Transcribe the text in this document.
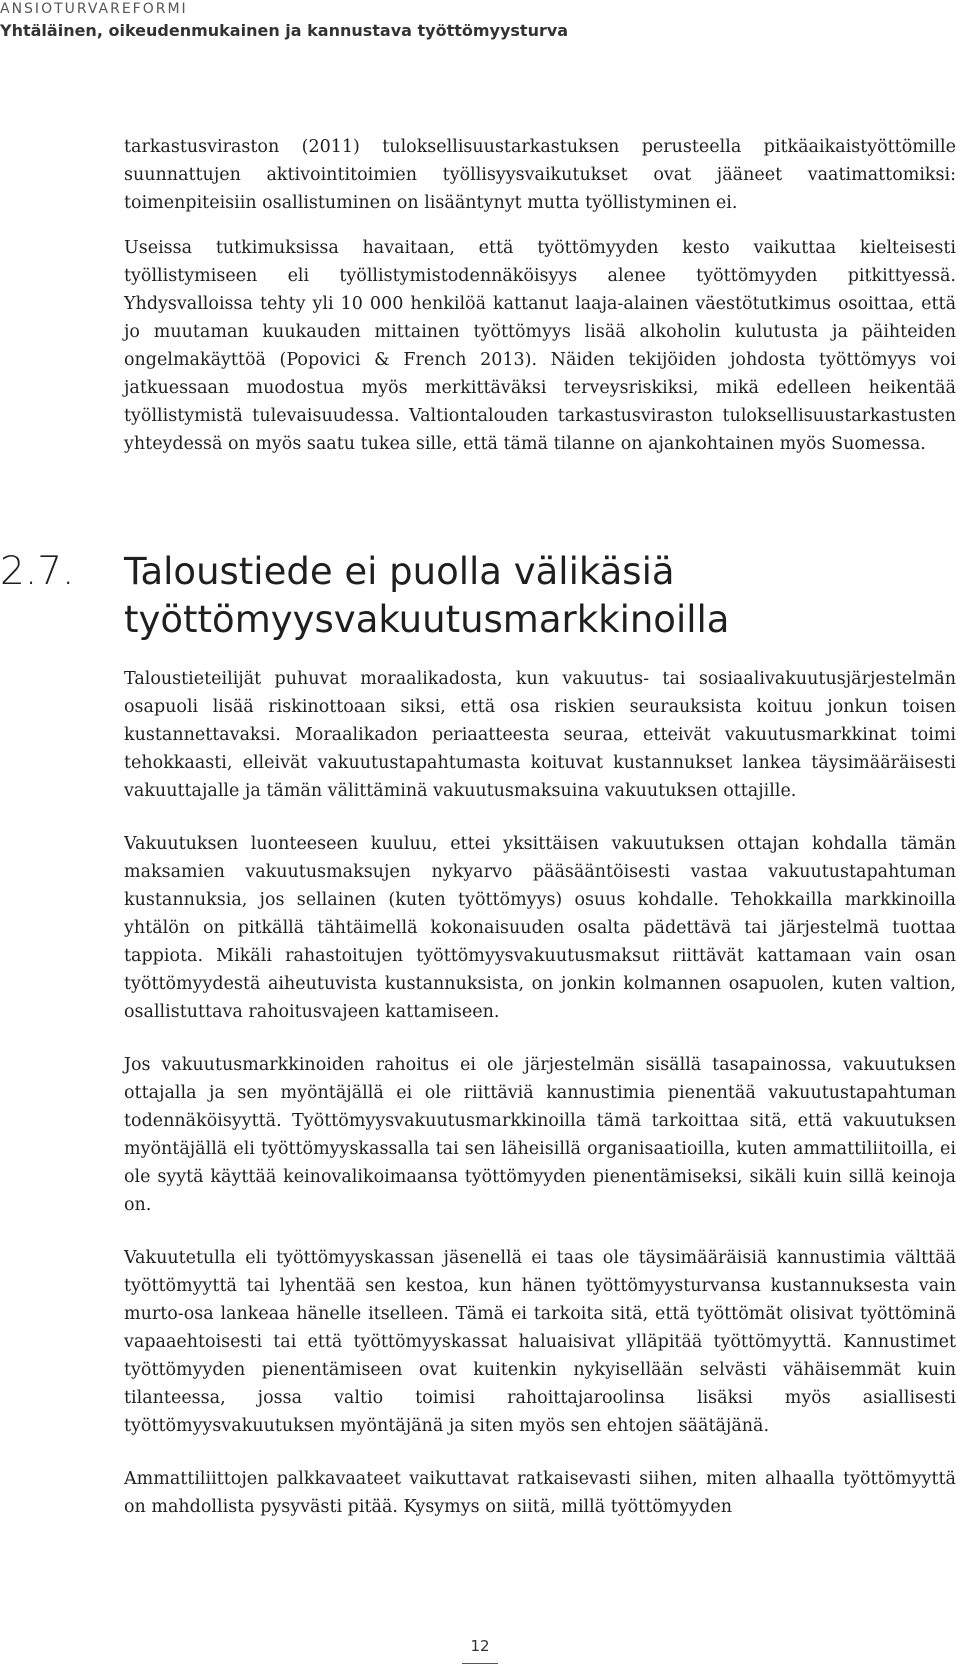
ANSIOTURVAREFORMI
Yhtäläinen, oikeudenmukainen ja kannustava työttömyysturva

tarkastusviraston (2011) tuloksellisuustarkastuksen perusteella pitkäaikaistyöttömille suunnattujen aktivointitoimien työllisyysvaikutukset ovat jääneet vaatimattomiksi: toimenpiteisiin osallistuminen on lisääntynyt mutta työllistyminen ei.

Useissa tutkimuksissa havaitaan, että työttömyyden kesto vaikuttaa kielteisesti työllistymiseen eli työllistymistodennäköisyys alenee työttömyyden pitkittyessä. Yhdysvalloissa tehty yli 10 000 henkilöä kattanut laaja-alainen väestötutkimus osoittaa, että jo muutaman kuukauden mittainen työttömyys lisää alkoholin kulutusta ja päihteiden ongelmakäyttöä (Popovici & French 2013). Näiden tekijöiden johdosta työttömyys voi jatkuessaan muodostua myös merkittäväksi terveysriskiksi, mikä edelleen heikentää työllistymistä tulevaisuudessa. Valtiontalouden tarkastusviraston tuloksellisuustarkastusten yhteydessä on myös saatu tukea sille, että tämä tilanne on ajankohtainen myös Suomessa.

2.7. Taloustiede ei puolla välikäsiä työttömyysvakuutusmarkkinoilla

Taloustieteilijät puhuvat moraalikadosta, kun vakuutus- tai sosiaalivakuutusjärjestelmän osapuoli lisää riskinottoaan siksi, että osa riskien seurauksista koituu jonkun toisen kustannettavaksi. Moraalikadon periaatteesta seuraa, etteivät vakuutusmarkkinat toimi tehokkaasti, elleivät vakuutustapahtumasta koituvat kustannukset lankea täysimääräisesti vakuuttajalle ja tämän välittäminä vakuutusmaksuina vakuutuksen ottajille.

Vakuutuksen luonteeseen kuuluu, ettei yksittäisen vakuutuksen ottajan kohdalla tämän maksamien vakuutusmaksujen nykyarvo pääsääntöisesti vastaa vakuutustapahtuman kustannuksia, jos sellainen (kuten työttömyys) osuus kohdalle. Tehokkailla markkinoilla yhtälön on pitkällä tähtäimellä kokonaisuuden osalta pädettävä tai järjestelmä tuottaa tappiota. Mikäli rahastoitujen työttömyysvakuutusmaksut riittävät kattamaan vain osan työttömyydestä aiheutuvista kustannuksista, on jonkin kolmannen osapuolen, kuten valtion, osallistuttava rahoitusvajeen kattamiseen.

Jos vakuutusmarkkinoiden rahoitus ei ole järjestelmän sisällä tasapainossa, vakuutuksen ottajalla ja sen myöntäjällä ei ole riittäviä kannustimia pienentää vakuutustapahtuman todennäköisyyttä. Työttömyysvakuutusmarkkinoilla tämä tarkoittaa sitä, että vakuutuksen myöntäjällä eli työttömyyskassalla tai sen läheisillä organisaatioilla, kuten ammattiliitoilla, ei ole syytä käyttää keinovalikoimaansa työttömyyden pienentämiseksi, sikäli kuin sillä keinoja on.

Vakuutetulla eli työttömyyskassan jäsenellä ei taas ole täysimääräisiä kannustimia välttää työttömyyttä tai lyhentää sen kestoa, kun hänen työttömyysturvansa kustannuksesta vain murto-osa lankeaa hänelle itselleen. Tämä ei tarkoita sitä, että työttömät olisivat työttöminä vapaaehtoisesti tai että työttömyyskassat haluaisivat ylläpitää työttömyyttä. Kannustimet työttömyyden pienentämiseen ovat kuitenkin nykyisellään selvästi vähäisemmät kuin tilanteessa, jossa valtio toimisi rahoittajaroolinsa lisäksi myös asiallisesti työttömyysvakuutuksen myöntäjänä ja siten myös sen ehtojen säätäjänä.

Ammattiliittojen palkkavaateet vaikuttavat ratkaisevasti siihen, miten alhaalla työttömyyttä on mahdollista pysyvästi pitää. Kysymys on siitä, millä työttömyyden

12
